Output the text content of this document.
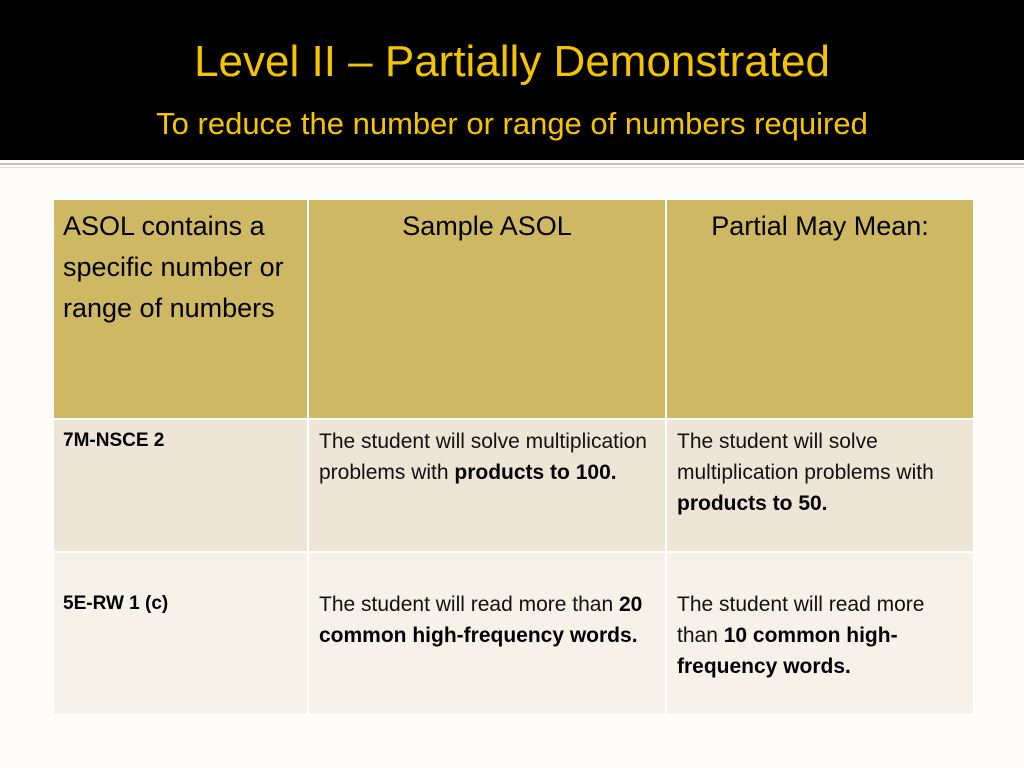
Level II – Partially Demonstrated
To reduce the number or range of numbers required
ASOL contains a specific number or range of numbers	Sample ASOL	Partial May Mean:

7M-NSCE 2	The student will solve multiplication problems with products to 100.	The student will solve multiplication problems with products to 50.

5E-RW 1 (c)	The student will read more than 20 common high-frequency words.	The student will read more than 10 common high-frequency words.
